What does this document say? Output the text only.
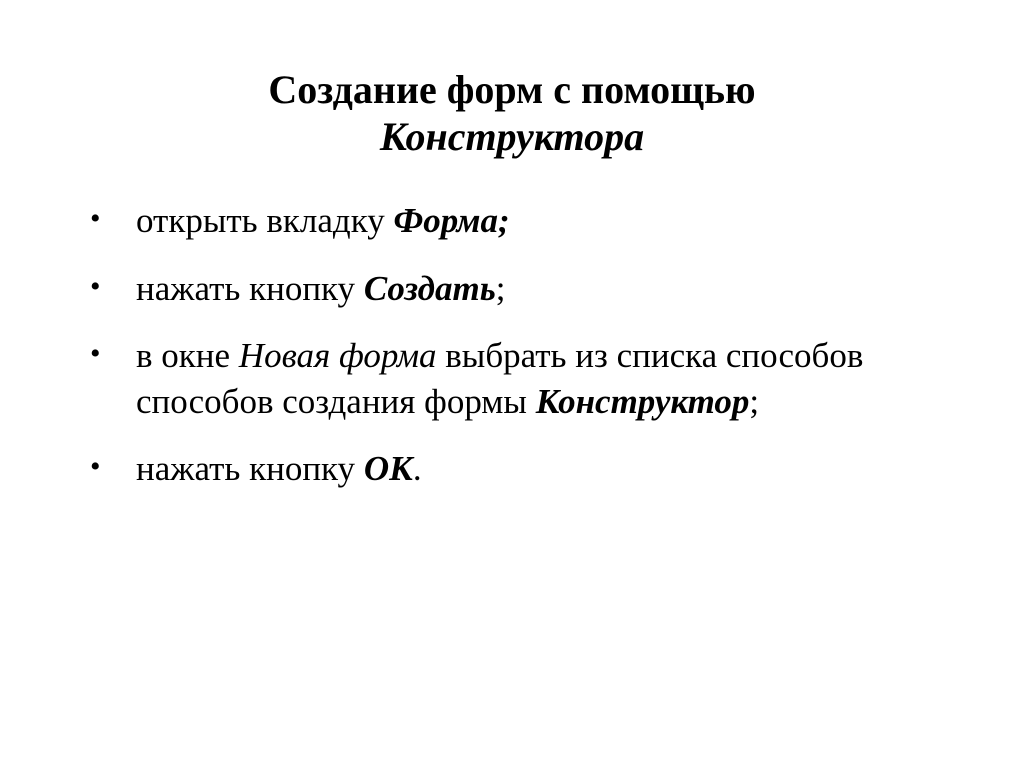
Создание форм с помощью
Конструктора
• открыть вкладку Форма;
• нажать кнопку Создать;
• в окне Новая форма выбрать из списка способов способов создания формы Конструктор;
• нажать кнопку ОК.
